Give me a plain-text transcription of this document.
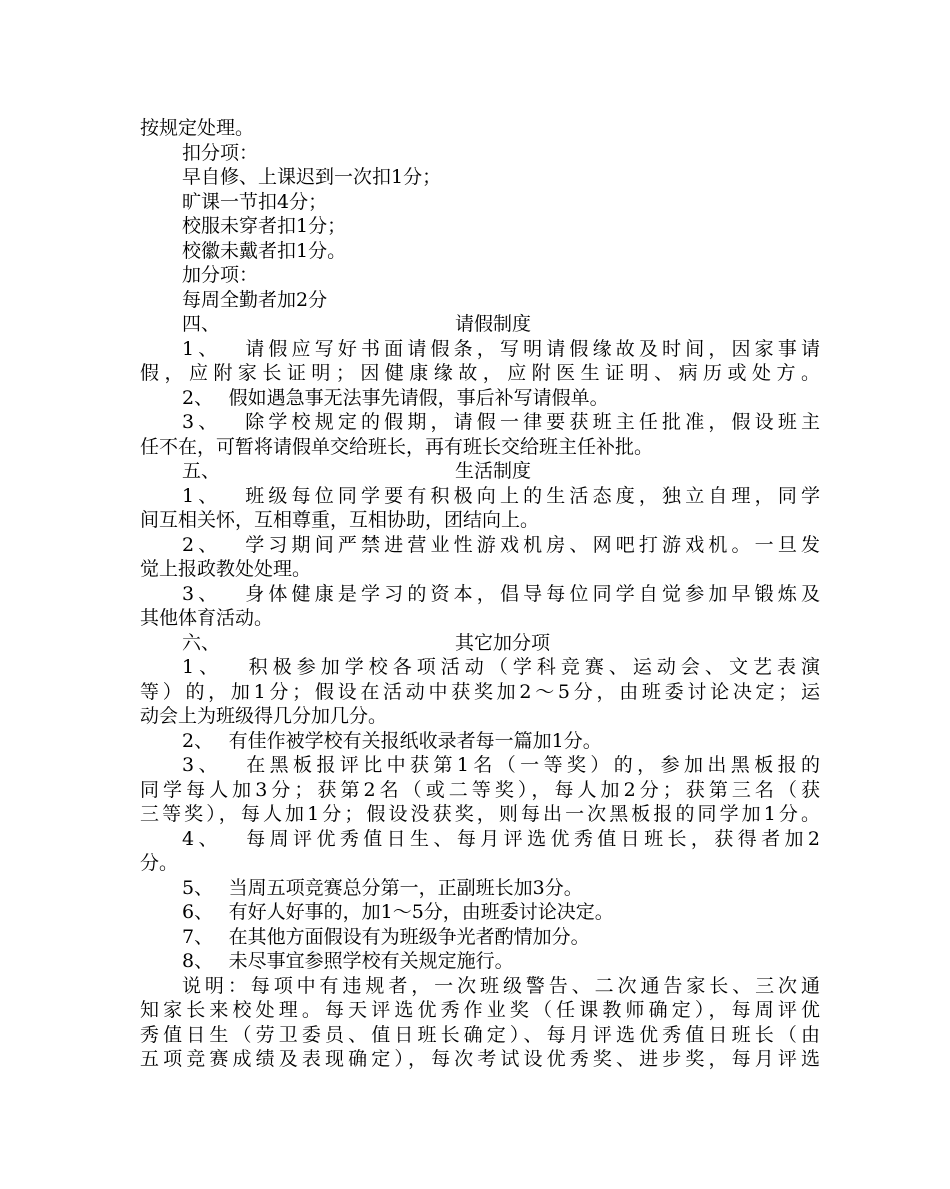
按规定处理。
扣分项：
早自修、上课迟到一次扣1分；
旷课一节扣4分；
校服未穿者扣1分；
校徽未戴者扣1分。
加分项：
每周全勤者加2分
四、	请假制度
1、　 请假应写好书面请假条，写明请假缘故及时间，因家事请
假，应附家长证明；因健康缘故，应附医生证明、病历或处方。
2、　 假如遇急事无法事先请假，事后补写请假单。
3、　 除学校规定的假期，请假一律要获班主任批准，假设班主
任不在，可暂将请假单交给班长，再有班长交给班主任补批。
五、	生活制度
1、　 班级每位同学要有积极向上的生活态度，独立自理，同学
间互相关怀，互相尊重，互相协助，团结向上。
2、　 学习期间严禁进营业性游戏机房、网吧打游戏机。一旦发
觉上报政教处处理。
3、　 身体健康是学习的资本，倡导每位同学自觉参加早锻炼及
其他体育活动。
六、	其它加分项
1、　 积极参加学校各项活动（学科竞赛、运动会、文艺表演
等）的，加1分；假设在活动中获奖加2～5分，由班委讨论决定；运
动会上为班级得几分加几分。
2、　 有佳作被学校有关报纸收录者每一篇加1分。
3、　 在黑板报评比中获第1名（一等奖）的，参加出黑板报的
同学每人加3分；获第2名（或二等奖），每人加2分；获第三名（获
三等奖），每人加1分；假设没获奖，则每出一次黑板报的同学加1分。
4、　 每周评优秀值日生、每月评选优秀值日班长，获得者加2
分。
5、　 当周五项竞赛总分第一，正副班长加3分。
6、　 有好人好事的，加1～5分，由班委讨论决定。
7、　 在其他方面假设有为班级争光者酌情加分。
8、　 未尽事宜参照学校有关规定施行。
说明：每项中有违规者，一次班级警告、二次通告家长、三次通
知家长来校处理。每天评选优秀作业奖（任课教师确定），每周评优
秀值日生（劳卫委员、值日班长确定）、每月评选优秀值日班长（由
五项竞赛成绩及表现确定），每次考试设优秀奖、进步奖，每月评选
